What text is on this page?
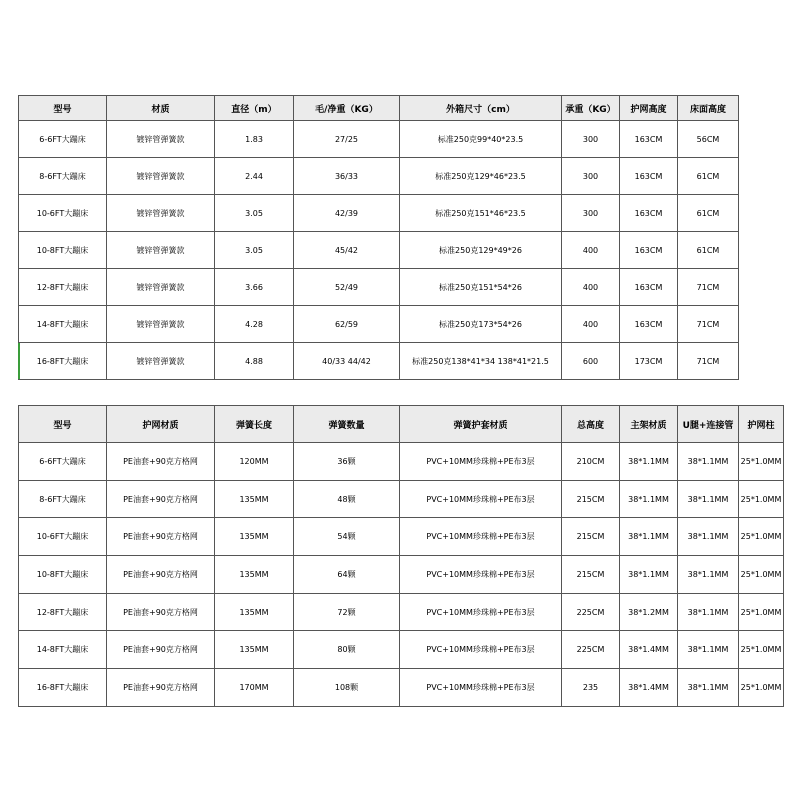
型号	材质	直径（m）	毛/净重（KG）	外箱尺寸（cm）	承重（KG）	护网高度	床面高度
6-6FT大蹦床	镀锌管弹簧款	1.83	27/25	标准250克99*40*23.5	300	163CM	56CM
8-6FT大蹦床	镀锌管弹簧款	2.44	36/33	标准250克129*46*23.5	300	163CM	61CM
10-6FT大蹦床	镀锌管弹簧款	3.05	42/39	标准250克151*46*23.5	300	163CM	61CM
10-8FT大蹦床	镀锌管弹簧款	3.05	45/42	标准250克129*49*26	400	163CM	61CM
12-8FT大蹦床	镀锌管弹簧款	3.66	52/49	标准250克151*54*26	400	163CM	71CM
14-8FT大蹦床	镀锌管弹簧款	4.28	62/59	标准250克173*54*26	400	163CM	71CM
16-8FT大蹦床	镀锌管弹簧款	4.88	40/33 44/42	标准250克138*41*34 138*41*21.5	600	173CM	71CM
型号	护网材质	弹簧长度	弹簧数量	弹簧护套材质	总高度	主架材质	U腿+连接管	护网柱
6-6FT大蹦床	PE油套+90克方格网	120MM	36颗	PVC+10MM珍珠棉+PE布3层	210CM	38*1.1MM	38*1.1MM	25*1.0MM
8-6FT大蹦床	PE油套+90克方格网	135MM	48颗	PVC+10MM珍珠棉+PE布3层	215CM	38*1.1MM	38*1.1MM	25*1.0MM
10-6FT大蹦床	PE油套+90克方格网	135MM	54颗	PVC+10MM珍珠棉+PE布3层	215CM	38*1.1MM	38*1.1MM	25*1.0MM
10-8FT大蹦床	PE油套+90克方格网	135MM	64颗	PVC+10MM珍珠棉+PE布3层	215CM	38*1.1MM	38*1.1MM	25*1.0MM
12-8FT大蹦床	PE油套+90克方格网	135MM	72颗	PVC+10MM珍珠棉+PE布3层	225CM	38*1.2MM	38*1.1MM	25*1.0MM
14-8FT大蹦床	PE油套+90克方格网	135MM	80颗	PVC+10MM珍珠棉+PE布3层	225CM	38*1.4MM	38*1.1MM	25*1.0MM
16-8FT大蹦床	PE油套+90克方格网	170MM	108颗	PVC+10MM珍珠棉+PE布3层	235	38*1.4MM	38*1.1MM	25*1.0MM
